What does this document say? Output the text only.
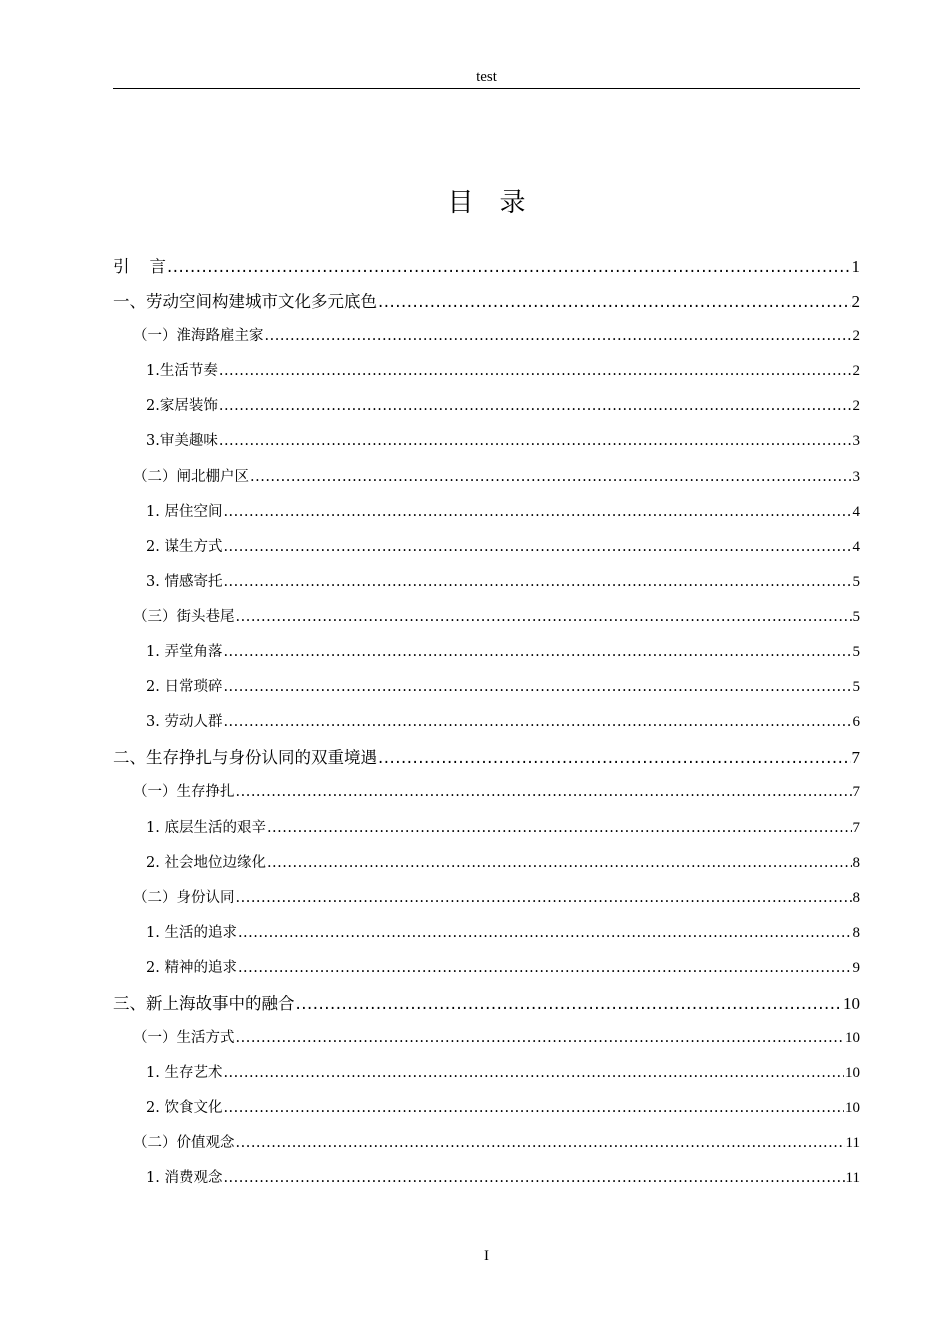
test
目 录
引 言 .....	1
一、劳动空间构建城市文化多元底色 .....	2
（一）淮海路雇主家 .....	2
1.生活节奏 .....	2
2.家居装饰 .....	2
3.审美趣味 .....	3
（二）闸北棚户区 .....	3
1. 居住空间 .....	4
2. 谋生方式 .....	4
3. 情感寄托 .....	5
（三）街头巷尾 .....	5
1. 弄堂角落 .....	5
2. 日常琐碎 .....	5
3. 劳动人群 .....	6
二、生存挣扎与身份认同的双重境遇 .....	7
（一）生存挣扎 .....	7
1. 底层生活的艰辛 .....	7
2. 社会地位边缘化 .....	8
（二）身份认同 .....	8
1. 生活的追求 .....	8
2. 精神的追求 .....	9
三、新上海故事中的融合 .....	10
（一）生活方式 .....	10
1. 生存艺术 .....	10
2. 饮食文化 .....	10
（二）价值观念 .....	11
1. 消费观念 .....	11
I
